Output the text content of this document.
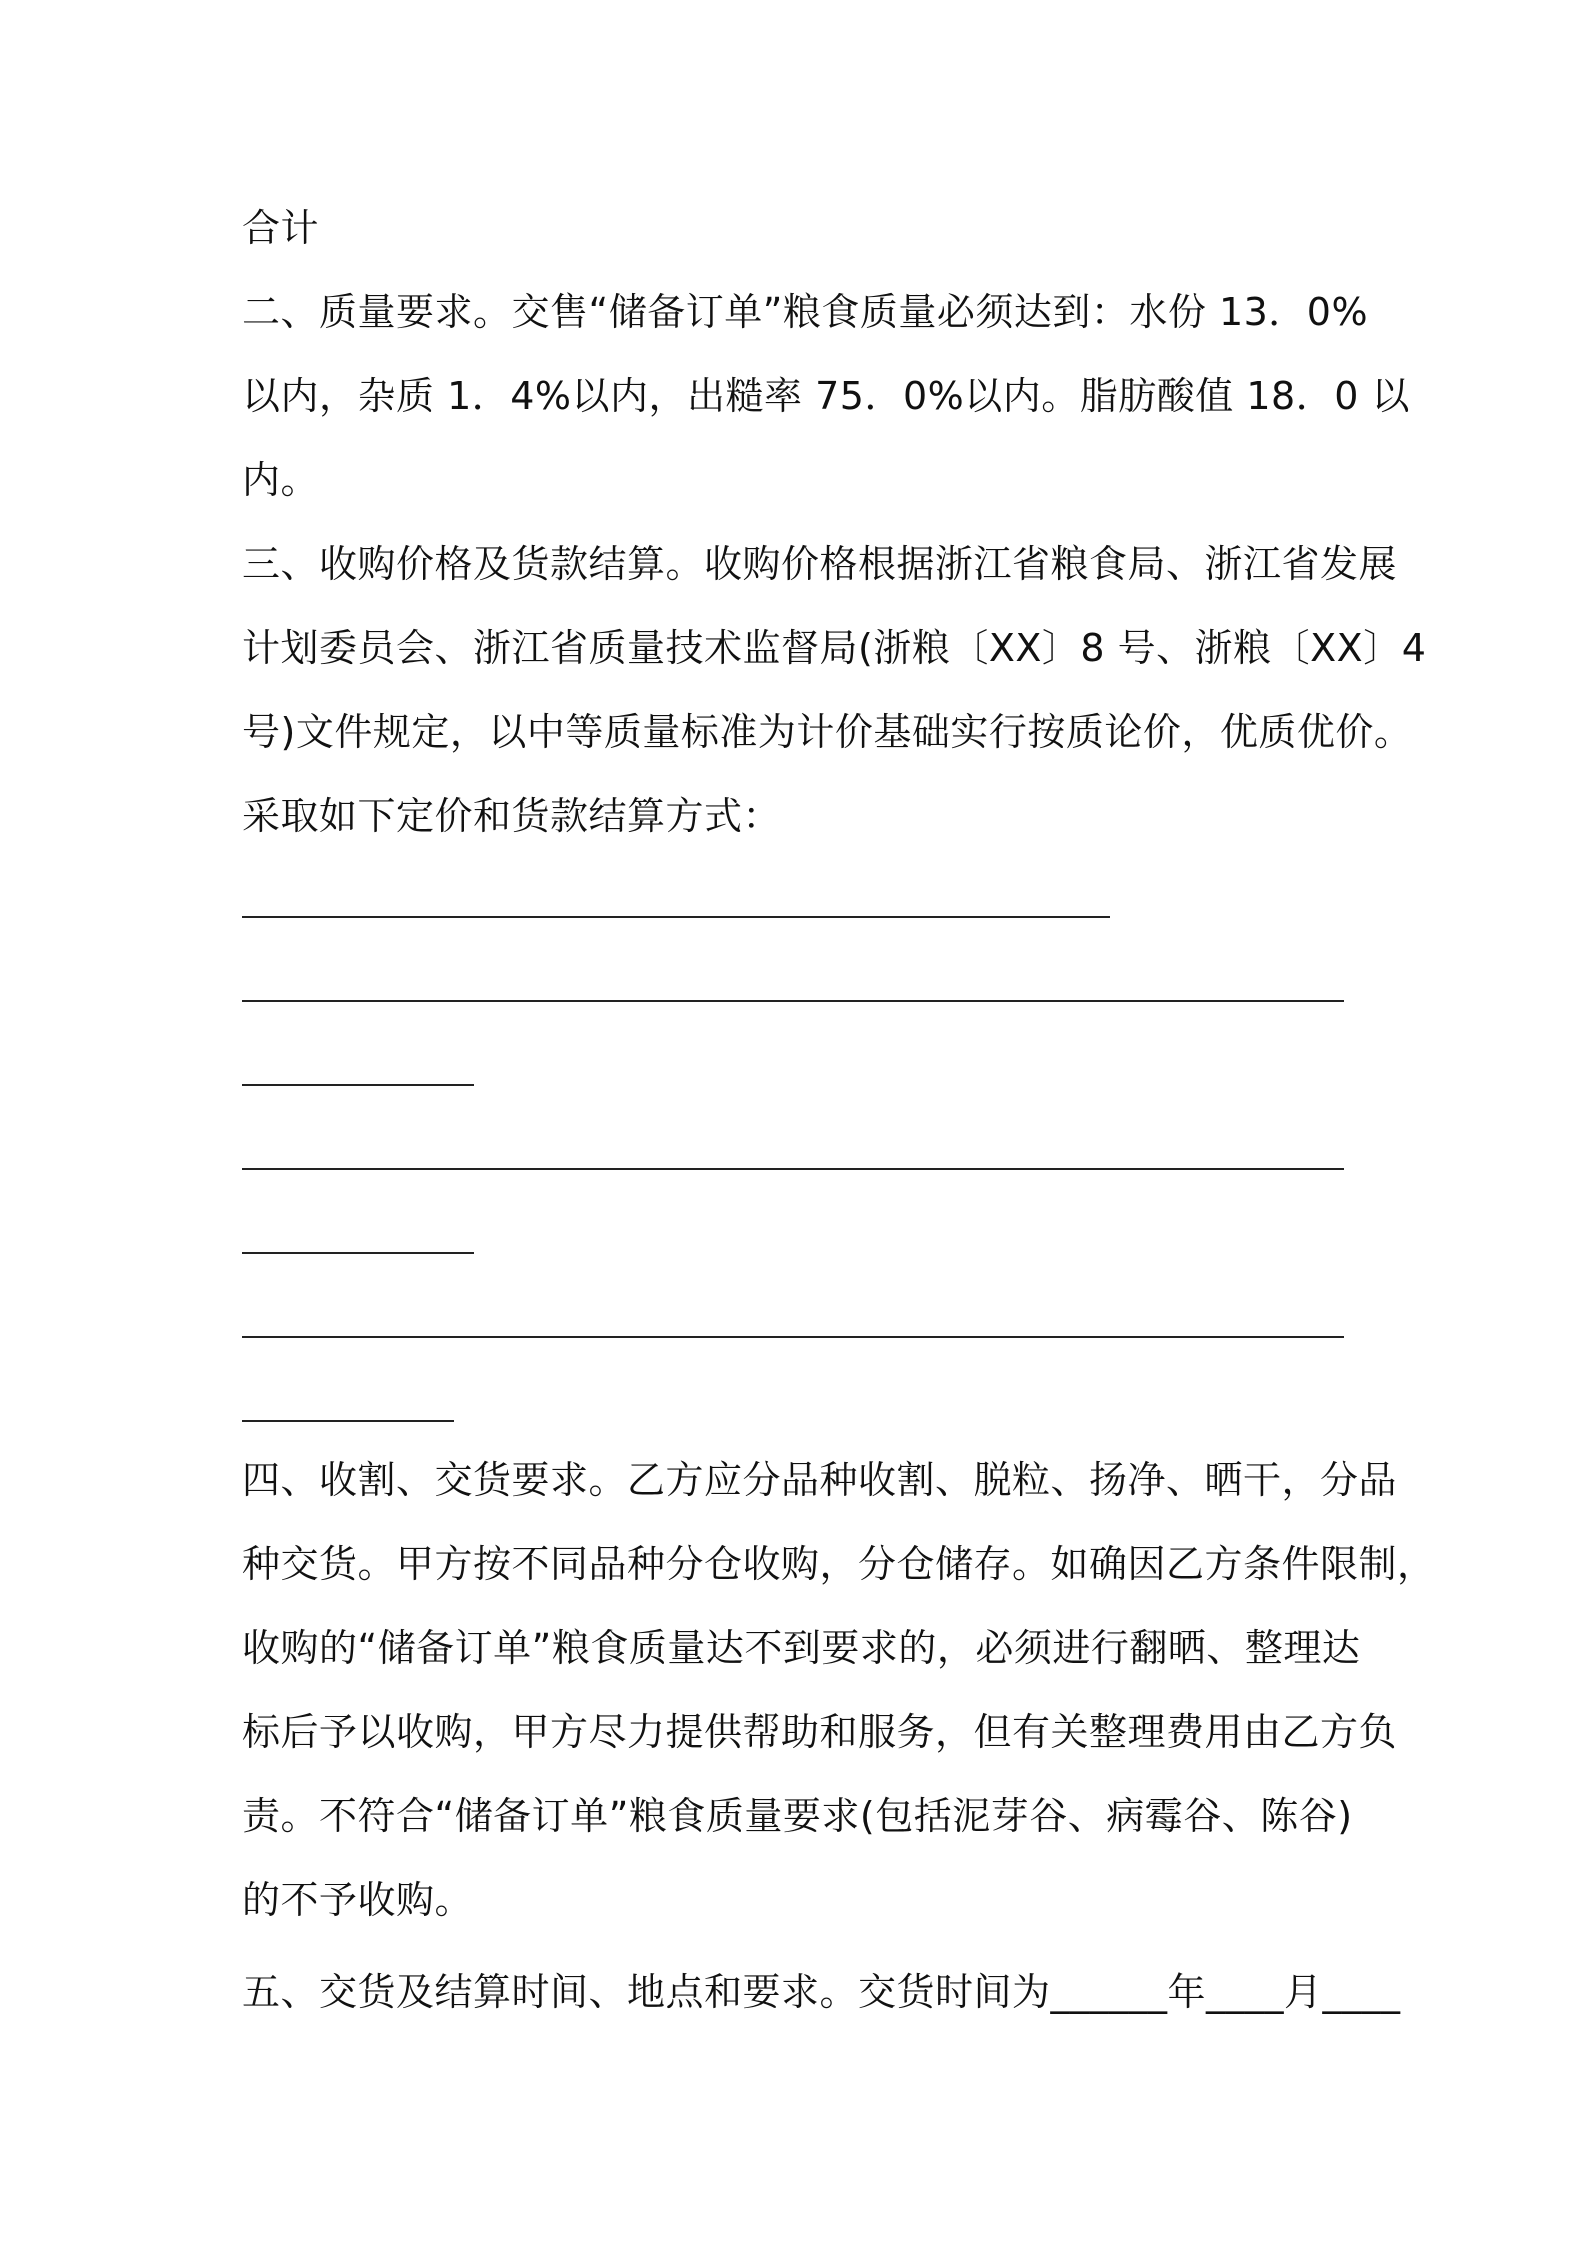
合计
二、质量要求。交售“储备订单”粮食质量必须达到：水份 13．0%
以内，杂质 1．4%以内，出糙率 75．0%以内。脂肪酸值 18．0 以
内。
三、收购价格及货款结算。收购价格根据浙江省粮食局、浙江省发展
计划委员会、浙江省质量技术监督局(浙粮〔XX〕8 号、浙粮〔XX〕4
号)文件规定，以中等质量标准为计价基础实行按质论价，优质优价。
采取如下定价和货款结算方式：
四、收割、交货要求。乙方应分品种收割、脱粒、扬净、晒干，分品
种交货。甲方按不同品种分仓收购，分仓储存。如确因乙方条件限制，
收购的“储备订单”粮食质量达不到要求的，必须进行翻晒、整理达
标后予以收购，甲方尽力提供帮助和服务，但有关整理费用由乙方负
责。不符合“储备订单”粮食质量要求(包括泥芽谷、病霉谷、陈谷)
的不予收购。
五、交货及结算时间、地点和要求。交货时间为______年____月____
